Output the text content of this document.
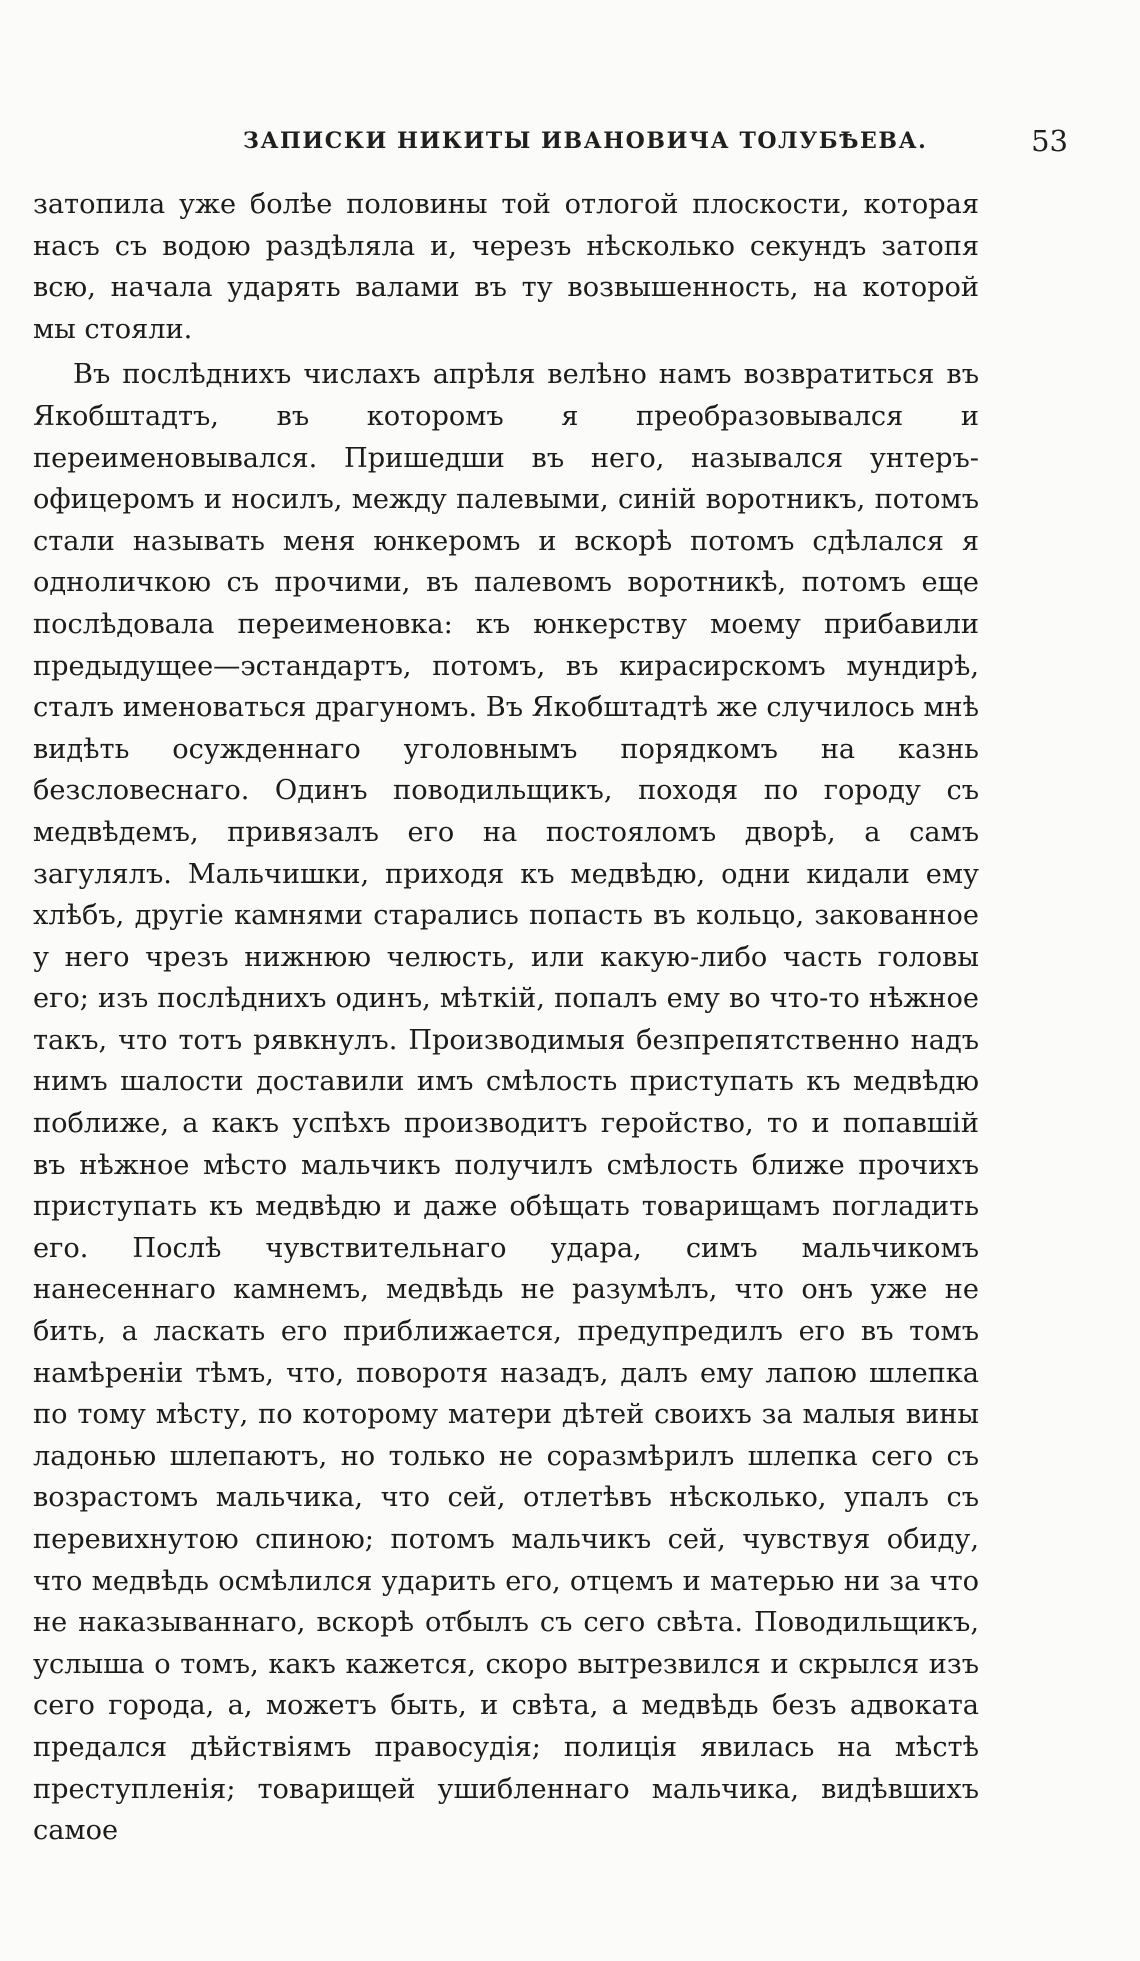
ЗАПИСКИ НИКИТЫ ИВАНОВИЧА ТОЛУБѢЕВА.	53

затопила уже болѣе половины той отлогой плоскости, которая насъ съ водою раздѣляла и, черезъ нѣсколько секундъ затопя всю, начала ударять валами въ ту возвышенность, на которой мы стояли.

Въ послѣднихъ числахъ апрѣля велѣно намъ возвратиться въ Якобштадтъ, въ которомъ я преобразовывался и переименовывался. Пришедши въ него, назывался унтеръ-офицеромъ и носилъ, между палевыми, синій воротникъ, потомъ стали называть меня юнкеромъ и вскорѣ потомъ сдѣлался я одноличкою съ прочими, въ палевомъ воротникѣ, потомъ еще послѣдовала переименовка: къ юнкерству моему прибавили предыдущее—эстандартъ, потомъ, въ кирасирскомъ мундирѣ, сталъ именоваться драгуномъ. Въ Якобштадтѣ же случилось мнѣ видѣть осужденнаго уголовнымъ порядкомъ на казнь безсловеснаго. Одинъ поводильщикъ, походя по городу съ медвѣдемъ, привязалъ его на постояломъ дворѣ, а самъ загулялъ. Мальчишки, приходя къ медвѣдю, одни кидали ему хлѣбъ, другіе камнями старались попасть въ кольцо, закованное у него чрезъ нижнюю челюсть, или какую-либо часть головы его; изъ послѣднихъ одинъ, мѣткій, попалъ ему во что-то нѣжное такъ, что тотъ рявкнулъ. Производимыя безпрепятственно надъ нимъ шалости доставили имъ смѣлость приступать къ медвѣдю поближе, а какъ успѣхъ производитъ геройство, то и попавшій въ нѣжное мѣсто мальчикъ получилъ смѣлость ближе прочихъ приступать къ медвѣдю и даже обѣщать товарищамъ погладить его. Послѣ чувствительнаго удара, симъ мальчикомъ нанесеннаго камнемъ, медвѣдь не разумѣлъ, что онъ уже не бить, а ласкать его приближается, предупредилъ его въ томъ намѣреніи тѣмъ, что, поворотя назадъ, далъ ему лапою шлепка по тому мѣсту, по которому матери дѣтей своихъ за малыя вины ладонью шлепаютъ, но только не соразмѣрилъ шлепка сего съ возрастомъ мальчика, что сей, отлетѣвъ нѣсколько, упалъ съ перевихнутою спиною; потомъ мальчикъ сей, чувствуя обиду, что медвѣдь осмѣлился ударить его, отцемъ и матерью ни за что не наказываннаго, вскорѣ отбылъ съ сего свѣта. Поводильщикъ, услыша о томъ, какъ кажется, скоро вытрезвился и скрылся изъ сего города, а, можетъ быть, и свѣта, а медвѣдь безъ адвоката предался дѣйствіямъ правосудія; полиція явилась на мѣстѣ преступленія; товарищей ушибленнаго мальчика, видѣвшихъ самое
